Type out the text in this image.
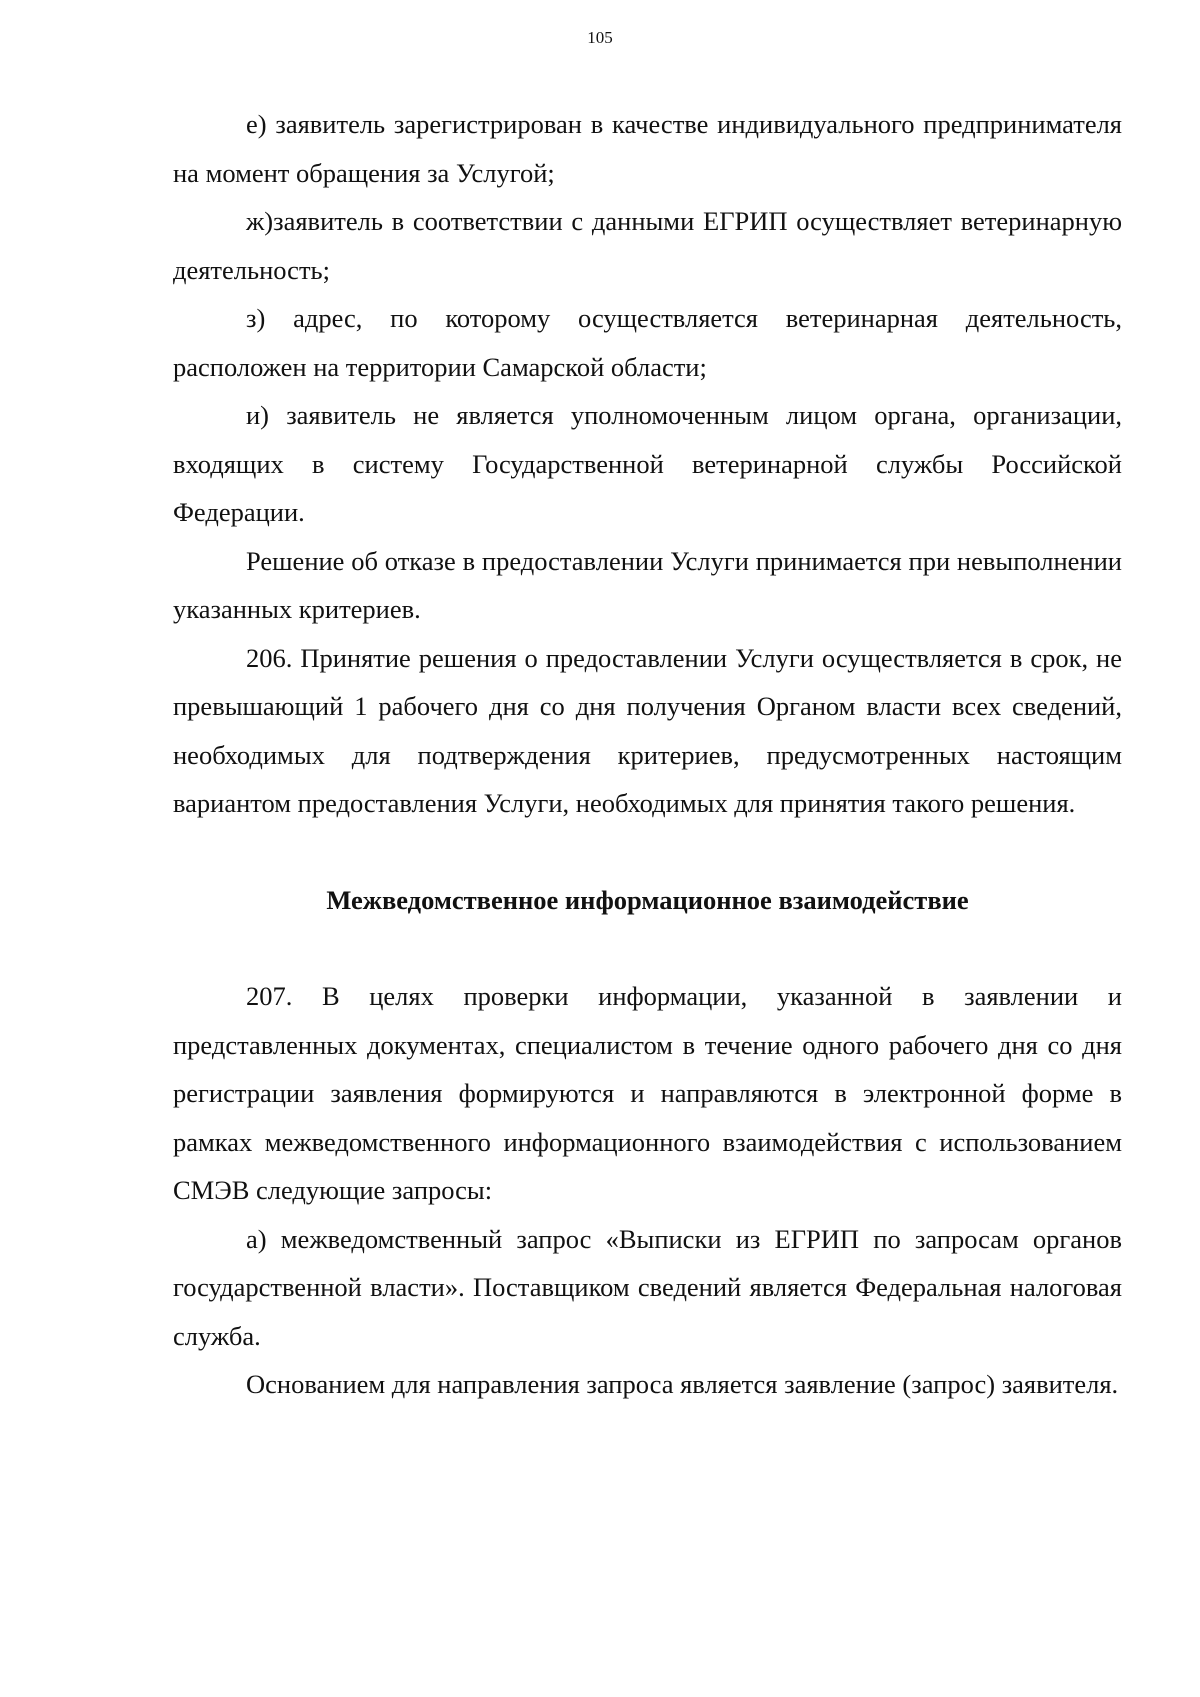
105

е) заявитель зарегистрирован в качестве индивидуального предпринимателя на момент обращения за Услугой;

ж)заявитель в соответствии с данными ЕГРИП осуществляет ветеринарную деятельность;

з) адрес, по которому осуществляется ветеринарная деятельность, расположен на территории Самарской области;

и) заявитель не является уполномоченным лицом органа, организации, входящих в систему Государственной ветеринарной службы Российской Федерации.

Решение об отказе в предоставлении Услуги принимается при невыполнении указанных критериев.

206. Принятие решения о предоставлении Услуги осуществляется в срок, не превышающий 1 рабочего дня со дня получения Органом власти всех сведений, необходимых для подтверждения критериев, предусмотренных настоящим вариантом предоставления Услуги, необходимых для принятия такого решения.

Межведомственное информационное взаимодействие

207. В целях проверки информации, указанной в заявлении и представленных документах, специалистом в течение одного рабочего дня со дня регистрации заявления формируются и направляются в электронной форме в рамках межведомственного информационного взаимодействия с использованием СМЭВ следующие запросы:

а) межведомственный запрос «Выписки из ЕГРИП по запросам органов государственной власти». Поставщиком сведений является Федеральная налоговая служба.

Основанием для направления запроса является заявление (запрос) заявителя.
